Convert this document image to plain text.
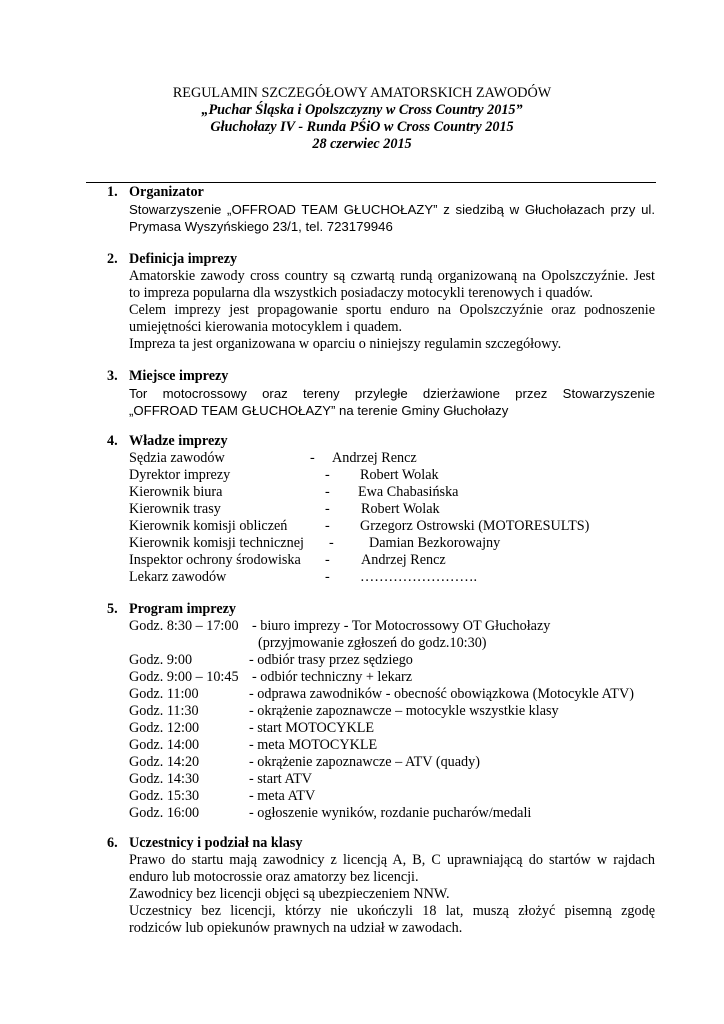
REGULAMIN SZCZEGÓŁOWY AMATORSKICH ZAWODÓW
„Puchar Śląska i Opolszczyzny w Cross Country 2015”
Głuchołazy IV - Runda PŚiO w Cross Country 2015
28 czerwiec 2015
1. Organizator
Stowarzyszenie „OFFROAD TEAM GŁUCHOŁAZY” z siedzibą w Głuchołazach przy ul.
Prymasa Wyszyńskiego 23/1, tel. 723179946
2. Definicja imprezy
Amatorskie zawody cross country są czwartą rundą organizowaną na Opolszczyźnie. Jest
to impreza popularna dla wszystkich posiadaczy motocykli terenowych i quadów.
Celem imprezy jest propagowanie sportu enduro na Opolszczyźnie oraz podnoszenie
umiejętności kierowania motocyklem i quadem.
Impreza ta jest organizowana w oparciu o niniejszy regulamin szczegółowy.
3. Miejsce imprezy
Tor motocrossowy oraz tereny przyległe dzierżawione przez Stowarzyszenie
„OFFROAD TEAM GŁUCHOŁAZY” na terenie Gminy Głuchołazy
4. Władze imprezy
Sędzia zawodów	- Andrzej Rencz
Dyrektor imprezy	- Robert Wolak
Kierownik biura	- Ewa Chabasińska
Kierownik trasy	- Robert Wolak
Kierownik komisji obliczeń	- Grzegorz Ostrowski (MOTORESULTS)
Kierownik komisji technicznej - Damian Bezkorowajny
Inspektor ochrony środowiska - Andrzej Rencz
Lekarz zawodów	- …………………….
5. Program imprezy
Godz. 8:30 – 17:00 - biuro imprezy - Tor Motocrossowy OT Głuchołazy
(przyjmowanie zgłoszeń do godz.10:30)
Godz. 9:00	- odbiór trasy przez sędziego
Godz. 9:00 – 10:45 - odbiór techniczny + lekarz
Godz. 11:00	- odprawa zawodników - obecność obowiązkowa (Motocykle ATV)
Godz. 11:30	- okrążenie zapoznawcze – motocykle wszystkie klasy
Godz. 12:00	- start MOTOCYKLE
Godz. 14:00	- meta MOTOCYKLE
Godz. 14:20	- okrążenie zapoznawcze – ATV (quady)
Godz. 14:30	- start ATV
Godz. 15:30	- meta ATV
Godz. 16:00	- ogłoszenie wyników, rozdanie pucharów/medali
6. Uczestnicy i podział na klasy
Prawo do startu mają zawodnicy z licencją A, B, C uprawniającą do startów w rajdach
enduro lub motocrossie oraz amatorzy bez licencji.
Zawodnicy bez licencji objęci są ubezpieczeniem NNW.
Uczestnicy bez licencji, którzy nie ukończyli 18 lat, muszą złożyć pisemną zgodę
rodziców lub opiekunów prawnych na udział w zawodach.
